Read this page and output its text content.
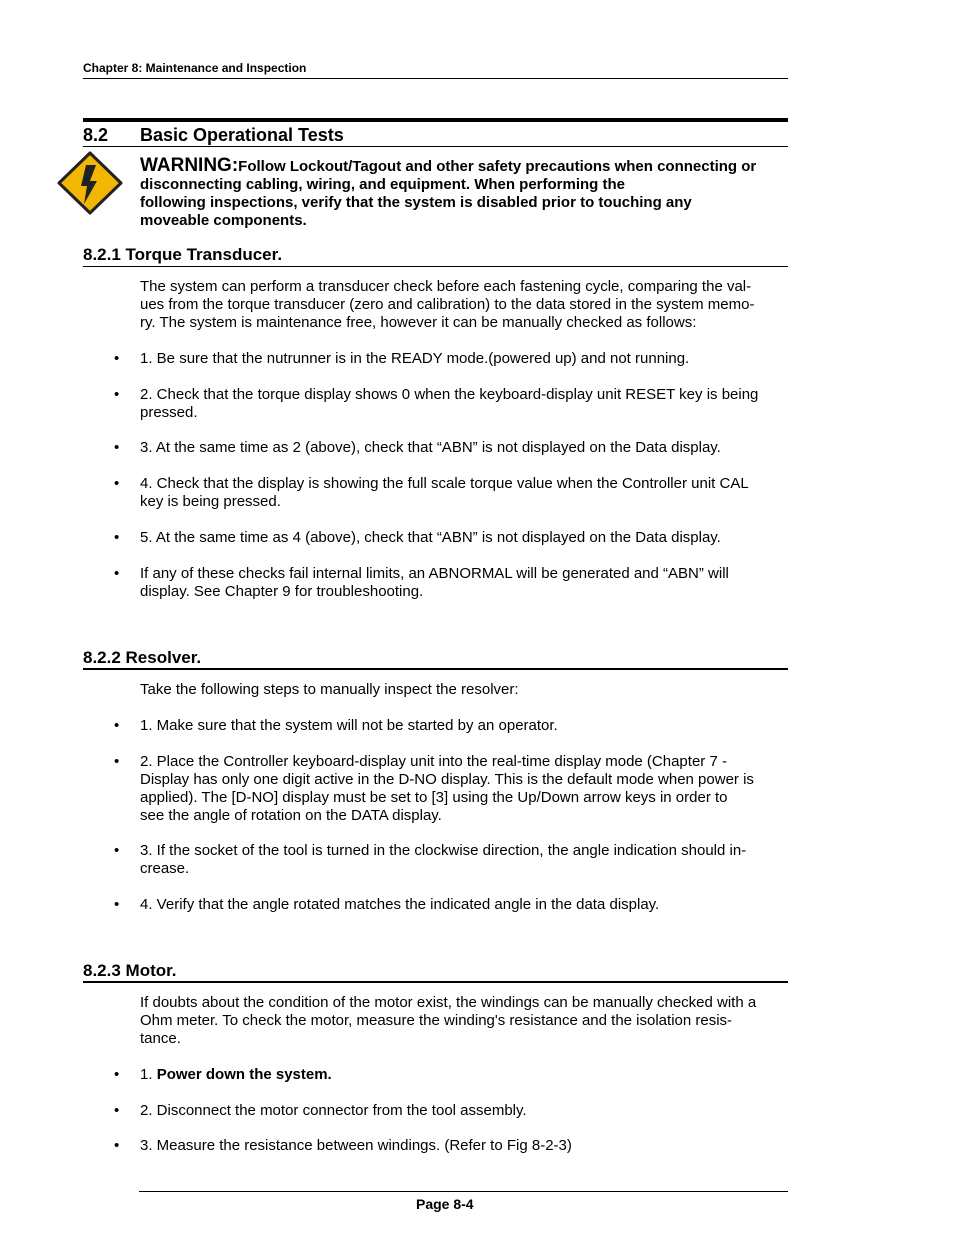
Chapter 8: Maintenance and Inspection
8.2 Basic Operational Tests
WARNING:Follow Lockout/Tagout and other safety precautions when connecting or
disconnecting cabling, wiring, and equipment. When performing the
following inspections, verify that the system is disabled prior to touching any
moveable components.
8.2.1 Torque Transducer.
The system can perform a transducer check before each fastening cycle, comparing the val-
ues from the torque transducer (zero and calibration) to the data stored in the system memo-
ry. The system is maintenance free, however it can be manually checked as follows:
• 1. Be sure that the nutrunner is in the READY mode.(powered up) and not running.
• 2. Check that the torque display shows 0 when the keyboard-display unit RESET key is being
pressed.
• 3. At the same time as 2 (above), check that “ABN” is not displayed on the Data display.
• 4. Check that the display is showing the full scale torque value when the Controller unit CAL
key is being pressed.
• 5. At the same time as 4 (above), check that “ABN” is not displayed on the Data display.
• If any of these checks fail internal limits, an ABNORMAL will be generated and “ABN” will
display. See Chapter 9 for troubleshooting.
8.2.2 Resolver.
Take the following steps to manually inspect the resolver:
• 1. Make sure that the system will not be started by an operator.
• 2. Place the Controller keyboard-display unit into the real-time display mode (Chapter 7 -
Display has only one digit active in the D-NO display. This is the default mode when power is
applied). The [D-NO] display must be set to [3] using the Up/Down arrow keys in order to
see the angle of rotation on the DATA display.
• 3. If the socket of the tool is turned in the clockwise direction, the angle indication should in-
crease.
• 4. Verify that the angle rotated matches the indicated angle in the data display.
8.2.3 Motor.
If doubts about the condition of the motor exist, the windings can be manually checked with a
Ohm meter. To check the motor, measure the winding's resistance and the isolation resis-
tance.
• 1. Power down the system.
• 2. Disconnect the motor connector from the tool assembly.
• 3. Measure the resistance between windings. (Refer to Fig 8-2-3)
Page 8-4
